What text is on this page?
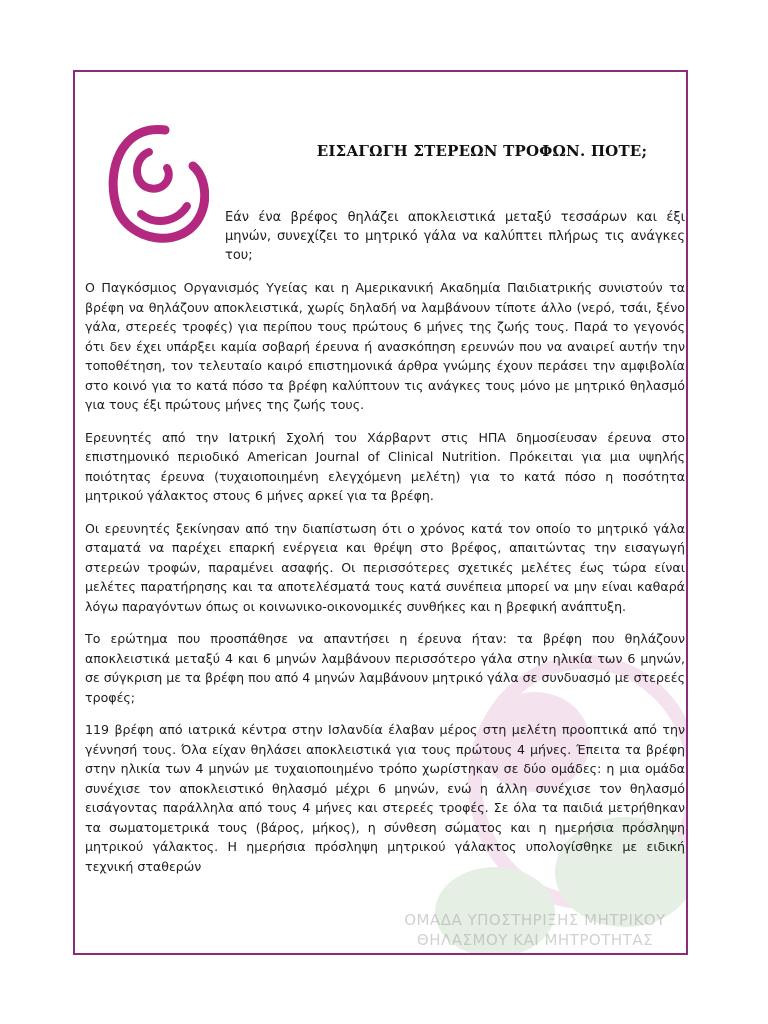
ΟΜΑΔΑ ΥΠΟΣΤΗΡΙΞΗΣ ΜΗΤΡΙΚΟΥ
ΘΗΛΑΣΜΟΥ ΚΑΙ ΜΗΤΡΟΤΗΤΑΣ
ΕΙΣΑΓΩΓΗ ΣΤΕΡΕΩΝ ΤΡΟΦΩΝ. ΠΟΤΕ;
Εάν ένα βρέφος θηλάζει αποκλειστικά μεταξύ τεσσάρων και έξι μηνών, συνεχίζει το μητρικό γάλα να καλύπτει πλήρως τις ανάγκες του;

Ο Παγκόσμιος Οργανισμός Υγείας και η Αμερικανική Ακαδημία Παιδιατρικής συνιστούν τα βρέφη να θηλάζουν αποκλειστικά, χωρίς δηλαδή να λαμβάνουν τίποτε άλλο (νερό, τσάι, ξένο γάλα, στερεές τροφές) για περίπου τους πρώτους 6 μήνες της ζωής τους. Παρά το γεγονός ότι δεν έχει υπάρξει καμία σοβαρή έρευνα ή ανασκόπηση ερευνών που να αναιρεί αυτήν την τοποθέτηση, τον τελευταίο καιρό επιστημονικά άρθρα γνώμης έχουν περάσει την αμφιβολία στο κοινό για το κατά πόσο τα βρέφη καλύπτουν τις ανάγκες τους μόνο με μητρικό θηλασμό για τους έξι πρώτους μήνες της ζωής τους.

Ερευνητές από την Ιατρική Σχολή του Χάρβαρντ στις ΗΠΑ δημοσίευσαν έρευνα στο επιστημονικό περιοδικό American Journal of Clinical Nutrition. Πρόκειται για μια υψηλής ποιότητας έρευνα (τυχαιοποιημένη ελεγχόμενη μελέτη) για το κατά πόσο η ποσότητα μητρικού γάλακτος στους 6 μήνες αρκεί για τα βρέφη.

Οι ερευνητές ξεκίνησαν από την διαπίστωση ότι ο χρόνος κατά τον οποίο το μητρικό γάλα σταματά να παρέχει επαρκή ενέργεια και θρέψη στο βρέφος, απαιτώντας την εισαγωγή στερεών τροφών, παραμένει ασαφής. Οι περισσότερες σχετικές μελέτες έως τώρα είναι μελέτες παρατήρησης και τα αποτελέσματά τους κατά συνέπεια μπορεί να μην είναι καθαρά λόγω παραγόντων όπως οι κοινωνικο-οικονομικές συνθήκες και η βρεφική ανάπτυξη.

Το ερώτημα που προσπάθησε να απαντήσει η έρευνα ήταν: τα βρέφη που θηλάζουν αποκλειστικά μεταξύ 4 και 6 μηνών λαμβάνουν περισσότερο γάλα στην ηλικία των 6 μηνών, σε σύγκριση με τα βρέφη που από 4 μηνών λαμβάνουν μητρικό γάλα σε συνδυασμό με στερεές τροφές;

119 βρέφη από ιατρικά κέντρα στην Ισλανδία έλαβαν μέρος στη μελέτη προοπτικά από την γέννησή τους. Όλα είχαν θηλάσει αποκλειστικά για τους πρώτους 4 μήνες. Έπειτα τα βρέφη στην ηλικία των 4 μηνών με τυχαιοποιημένο τρόπο χωρίστηκαν σε δύο ομάδες: η μια ομάδα συνέχισε τον αποκλειστικό θηλασμό μέχρι 6 μηνών, ενώ η άλλη συνέχισε τον θηλασμό εισάγοντας παράλληλα από τους 4 μήνες και στερεές τροφές. Σε όλα τα παιδιά μετρήθηκαν τα σωματομετρικά τους (βάρος, μήκος), η σύνθεση σώματος και η ημερήσια πρόσληψη μητρικού γάλακτος. Η ημερήσια πρόσληψη μητρικού γάλακτος υπολογίσθηκε με ειδική τεχνική σταθερών
